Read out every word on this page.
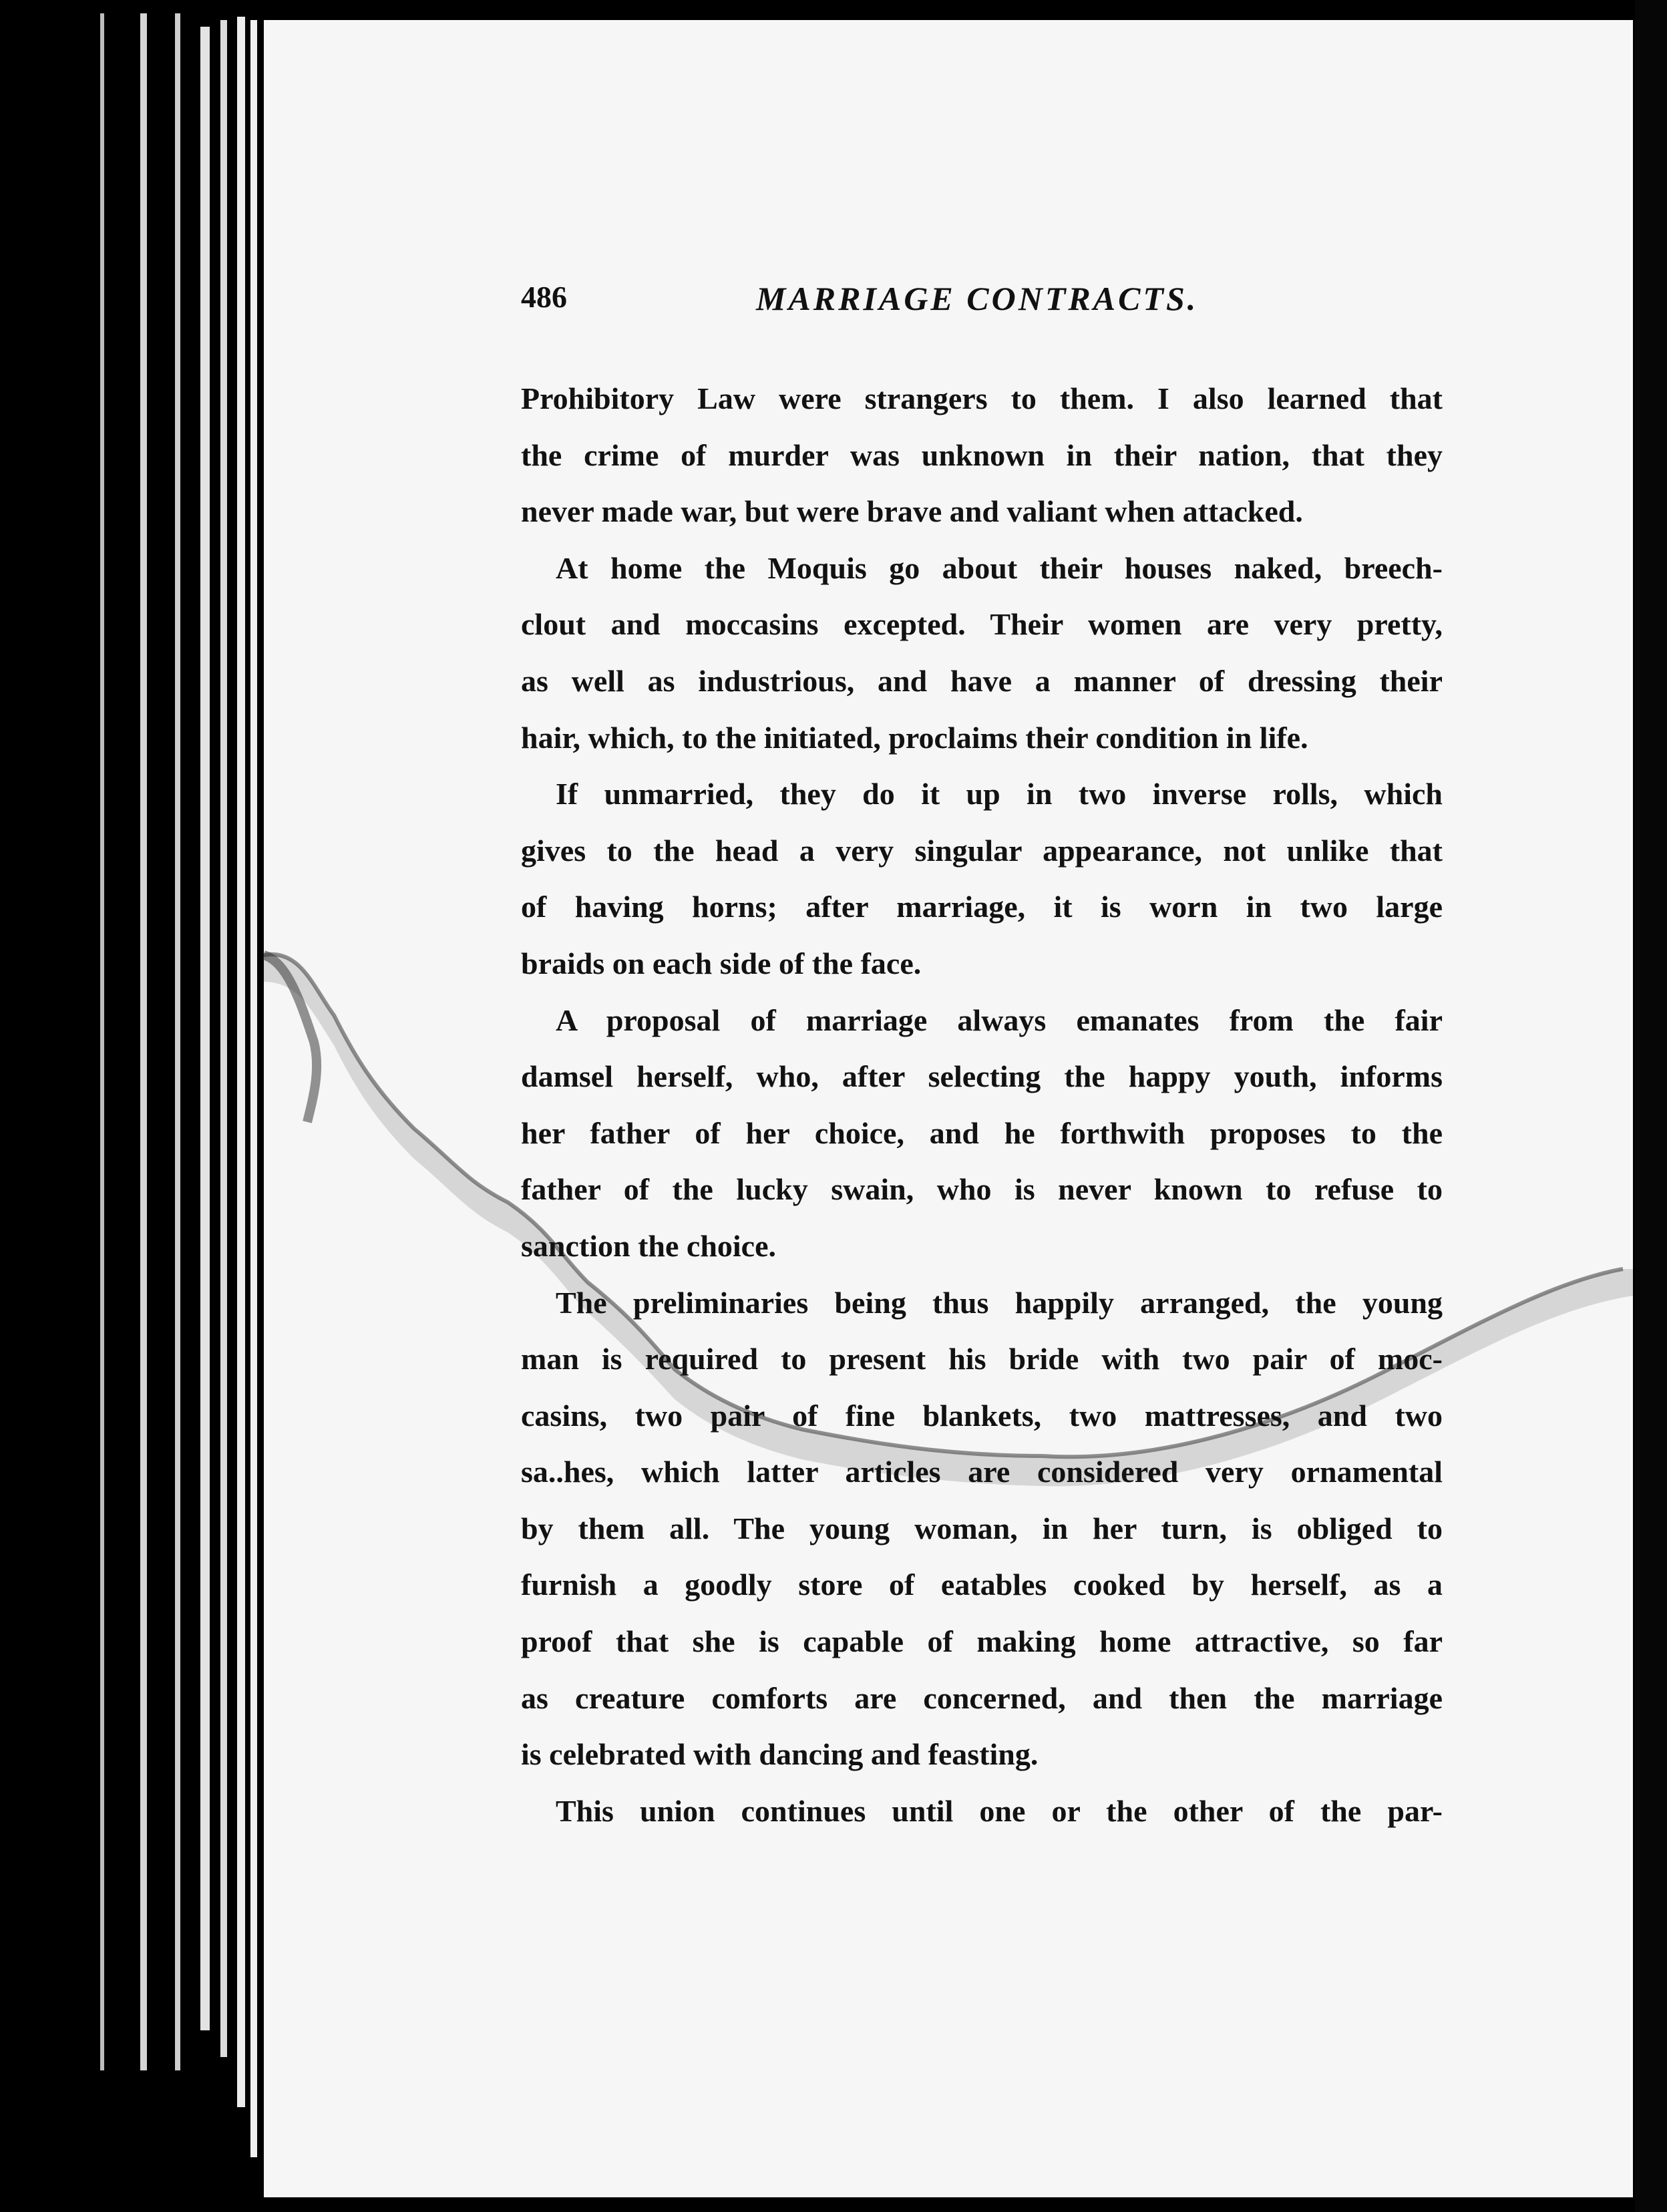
486	MARRIAGE CONTRACTS.
Prohibitory Law were strangers to them. I also learned that
the crime of murder was unknown in their nation, that they
never made war, but were brave and valiant when attacked.
At home the Moquis go about their houses naked, breech-
clout and moccasins excepted. Their women are very pretty,
as well as industrious, and have a manner of dressing their
hair, which, to the initiated, proclaims their condition in life.
If unmarried, they do it up in two inverse rolls, which
gives to the head a very singular appearance, not unlike that
of having horns; after marriage, it is worn in two large
braids on each side of the face.
A proposal of marriage always emanates from the fair
damsel herself, who, after selecting the happy youth, informs
her father of her choice, and he forthwith proposes to the
father of the lucky swain, who is never known to refuse to
sanction the choice.
The preliminaries being thus happily arranged, the young
man is required to present his bride with two pair of moc-
casins, two pair of fine blankets, two mattresses, and two
sa..hes, which latter articles are considered very ornamental
by them all. The young woman, in her turn, is obliged to
furnish a goodly store of eatables cooked by herself, as a
proof that she is capable of making home attractive, so far
as creature comforts are concerned, and then the marriage
is celebrated with dancing and feasting.
This union continues until one or the other of the par-
